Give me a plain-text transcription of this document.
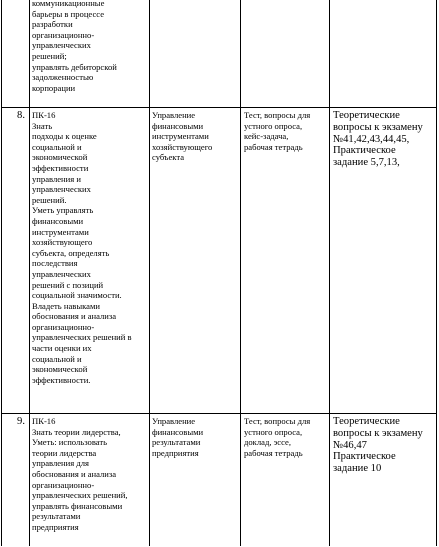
коммуникационные
барьеры в процессе
разработки
организационно-
управленческих
решений;
управлять дебиторской
задолженностью
корпорации
8. ПК-16
Знать
подходы к оценке
социальной и
экономической
эффективности
управления и
управленческих
решений.
Уметь управлять
финансовыми
инструментами
хозяйствующего
субъекта, определять
последствия
управленческих
решений с позиций
социальной значимости.
Владеть навыками
обоснования и анализа
организационно-
управленческих решений в
части оценки их
социальной и
экономической
эффективности.
Управление
финансовыми
инструментами
хозяйствующего
субъекта
Тест, вопросы для
устного опроса,
кейс-задача,
рабочая тетрадь
Теоретические
вопросы к экзамену
№41,42,43,44,45,
Практическое
задание 5,7,13,
9. ПК-16
Знать теории лидерства,
Уметь: использовать
теории лидерства
управления для
обоснования и анализа
организационно-
управленческих решений,
управлять финансовыми
результатами
предприятия
Управление
финансовыми
результатами
предприятия
Тест, вопросы для
устного опроса,
доклад, эссе,
рабочая тетрадь
Теоретические
вопросы к экзамену
№46,47
Практическое
задание 10
